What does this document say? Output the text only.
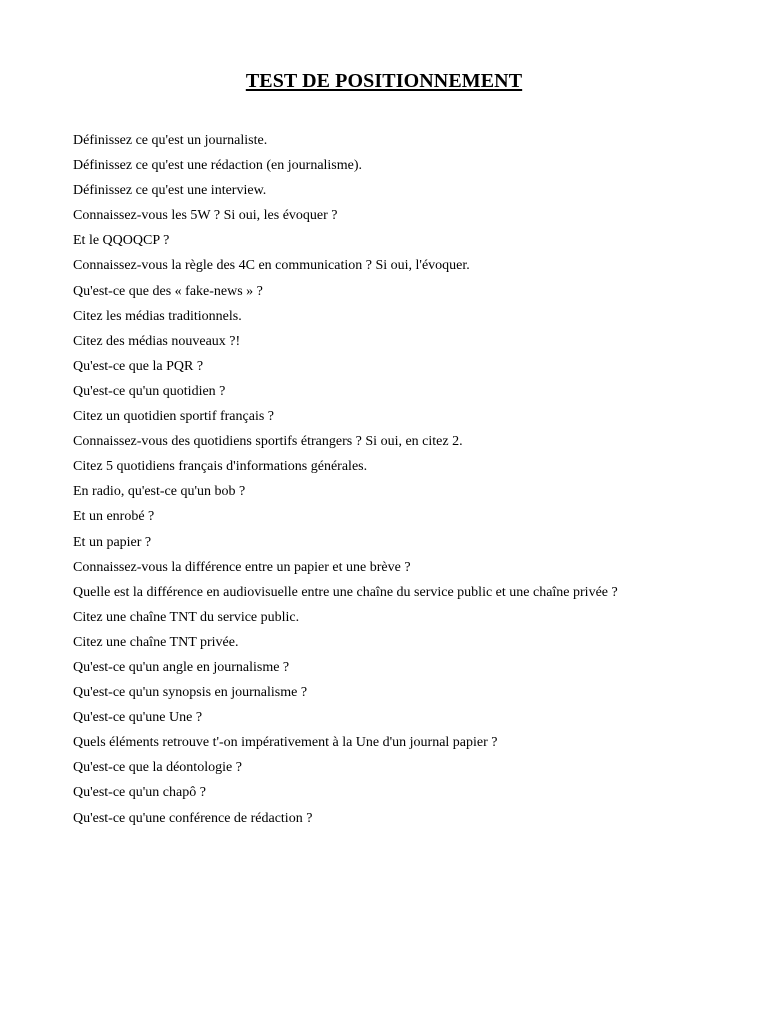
TEST DE POSITIONNEMENT
Définissez ce qu'est un journaliste.
Définissez ce qu'est une rédaction (en journalisme).
Définissez ce qu'est une interview.
Connaissez-vous les 5W ? Si oui, les évoquer ?
Et le QQOQCP ?
Connaissez-vous la règle des 4C en communication ? Si oui, l'évoquer.
Qu'est-ce que des « fake-news » ?
Citez les médias traditionnels.
Citez des médias nouveaux ?!
Qu'est-ce que la PQR ?
Qu'est-ce qu'un quotidien ?
Citez un quotidien sportif français ?
Connaissez-vous des quotidiens sportifs étrangers ? Si oui, en citez 2.
Citez 5 quotidiens français d'informations générales.
En radio, qu'est-ce qu'un bob ?
Et un enrobé ?
Et un papier ?
Connaissez-vous la différence entre un papier et une brève ?
Quelle est la différence en audiovisuelle entre une chaîne du service public et une chaîne privée ?
Citez une chaîne TNT du service public.
Citez une chaîne TNT privée.
Qu'est-ce qu'un angle en journalisme ?
Qu'est-ce qu'un synopsis en journalisme ?
Qu'est-ce qu'une Une ?
Quels éléments retrouve t'-on impérativement à la Une d'un journal papier ?
Qu'est-ce que la déontologie ?
Qu'est-ce qu'un chapô ?
Qu'est-ce qu'une conférence de rédaction ?
